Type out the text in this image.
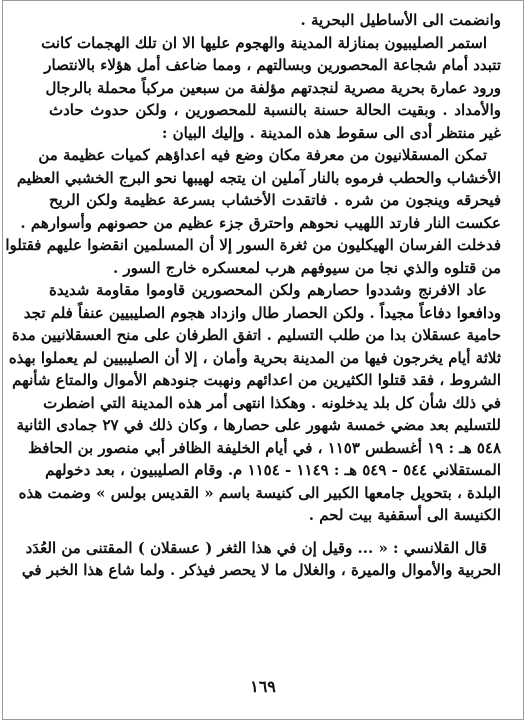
وانضمت الى الأساطيل البحرية .
استمر الصليبيون بمنازلة المدينة والهجوم عليها الا ان تلك الهجمات كانت
تتبدد أمام شجاعة المحصورين وبسالتهم ، ومما ضاعف أمل هؤلاء بالانتصار
ورود عمارة بحرية مصرية لنجدتهم مؤلفة من سبعين مركباً محملة بالرجال
والأمداد . وبقيت الحالة حسنة بالنسبة للمحصورين ، ولكن حدوث حادث
غير منتظر أدى الى سقوط هذه المدينة . وإليك البيان :
تمكن المسقلانيون من معرفة مكان وضع فيه اعداؤهم كميات عظيمة من
الأخشاب والحطب فرموه بالنار آملين ان يتجه لهيبها نحو البرج الخشبي العظيم
فيحرقه وينجون من شره . فاتقدت الأخشاب بسرعة عظيمة ولكن الريح
عكست النار فارتد اللهيب نحوهم واحترق جزء عظيم من حصونهم وأسوارهم .
فدخلت الفرسان الهيكليون من ثغرة السور إلا أن المسلمين انقضوا عليهم فقتلوا
من قتلوه والذي نجا من سيوفهم هرب لمعسكره خارج السور .
عاد الافرنج وشددوا حصارهم ولكن المحصورين قاوموا مقاومة شديدة
ودافعوا دفاعاً مجيداً . ولكن الحصار طال وازداد هجوم الصليبيين عنفاً فلم تجد
حامية عسقلان بدا من طلب التسليم . اتفق الطرفان على منح العسقلانيين مدة
ثلاثة أيام يخرجون فيها من المدينة بحرية وأمان ، إلا أن الصليبيين لم يعملوا بهذه
الشروط ، فقد قتلوا الكثيرين من اعدائهم ونهبت جنودهم الأموال والمتاع شأنهم
في ذلك شأن كل بلد يدخلونه . وهكذا انتهى أمر هذه المدينة التي اضطرت
للتسليم بعد مضي خمسة شهور على حصارها ، وكان ذلك في ٢٧ جمادى الثانية
٥٤٨ هـ : ١٩ أغسطس ١١٥٣ ، في أيام الخليفة الظافر أبي منصور بن الحافظ
المستقلاني ٥٤٤ - ٥٤٩ هـ : ١١٤٩ - ١١٥٤ م. وقام الصليبيون ، بعد دخولهم
البلدة ، بتحويل جامعها الكبير الى كنيسة باسم « القديس بولس » وضمت هذه
الكنيسة الى أسقفية بيت لحم .
قال القلانسي : « ... وقيل إن في هذا الثغر ( عسقلان ) المقتنى من العُدَد
الحربية والأموال والميرة ، والغلال ما لا يحصر فيذكر . ولما شاع هذا الخبر في
١٦٩
